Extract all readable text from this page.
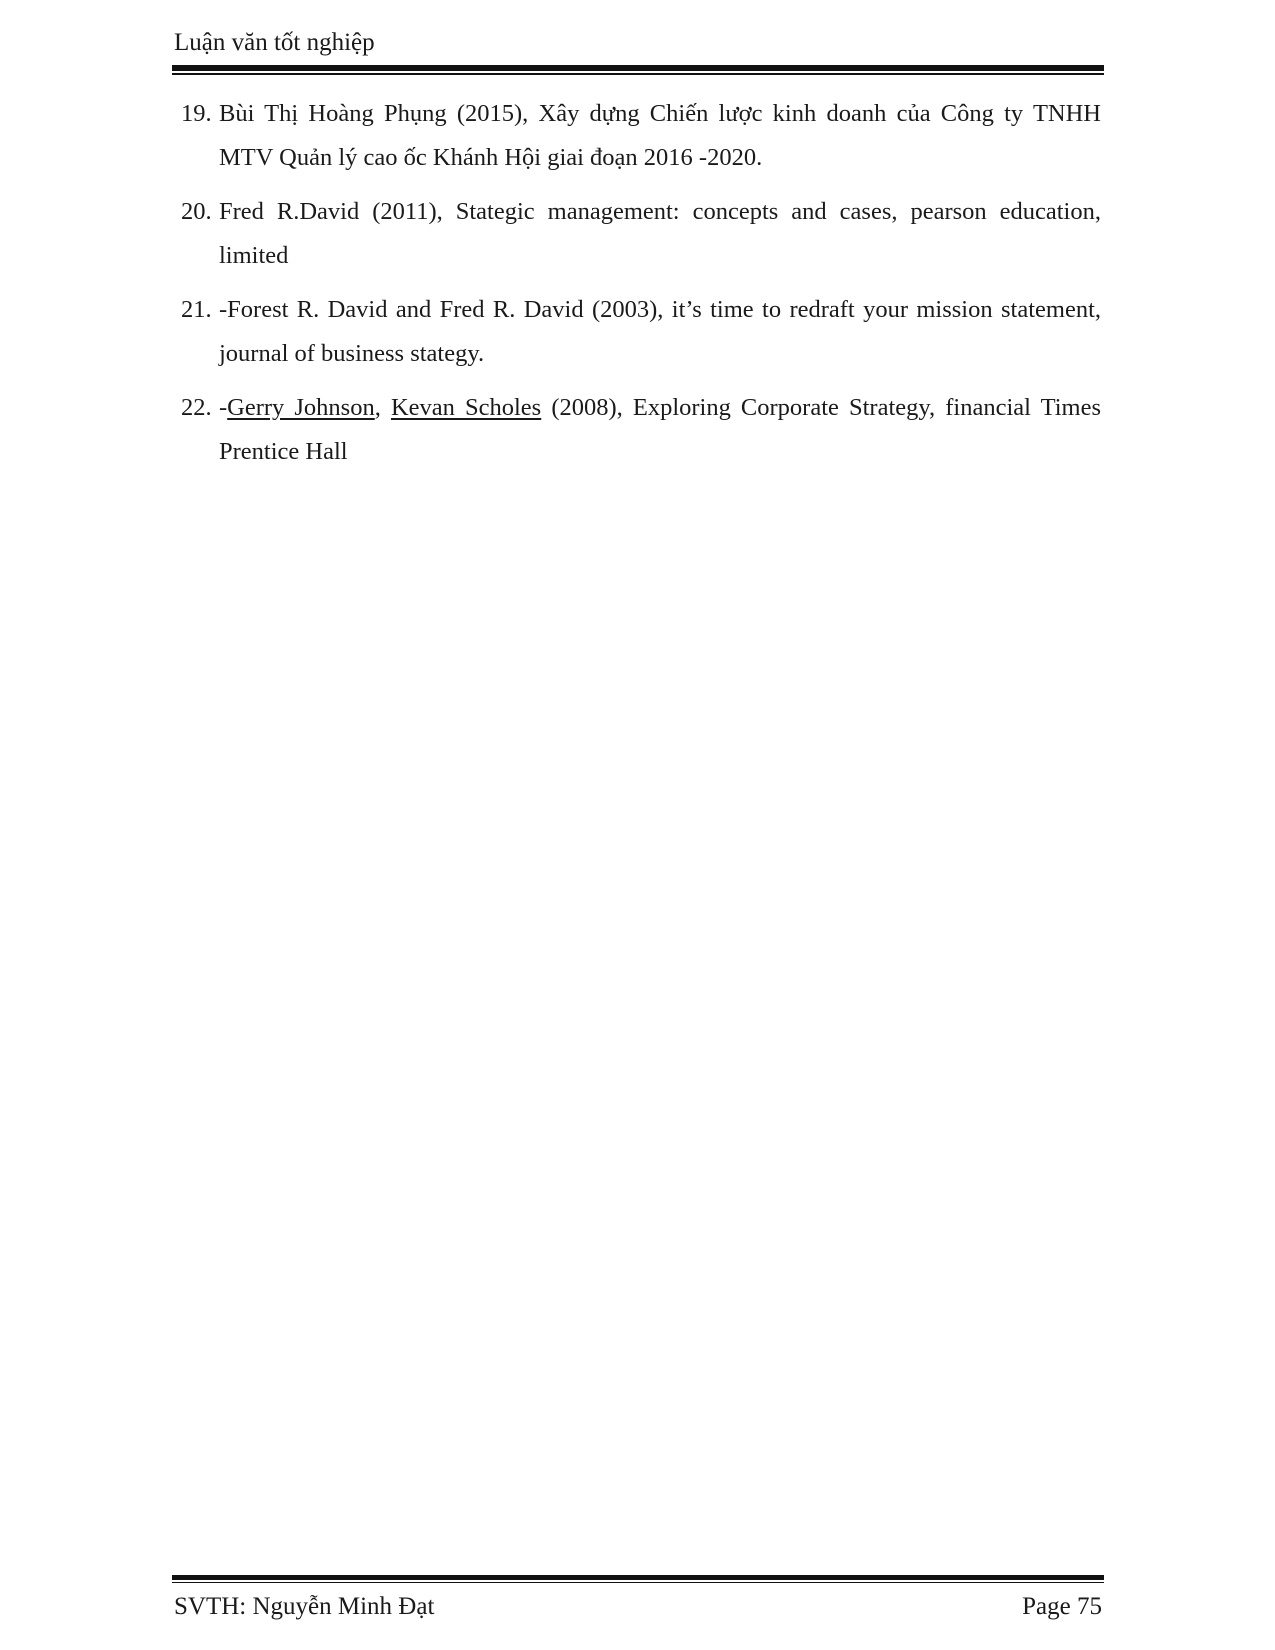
Luận văn tốt nghiệp
19. Bùi Thị Hoàng Phụng (2015), Xây dựng Chiến lược kinh doanh của Công ty TNHH MTV Quản lý cao ốc Khánh Hội giai đoạn 2016 -2020.
20. Fred R.David (2011), Stategic management: concepts and cases, pearson education, limited
21. -Forest R. David and Fred R. David (2003), it’s time to redraft your mission statement, journal of business stategy.
22. -Gerry Johnson, Kevan Scholes (2008), Exploring Corporate Strategy, financial Times Prentice Hall
SVTH: Nguyễn Minh Đạt	Page 75
